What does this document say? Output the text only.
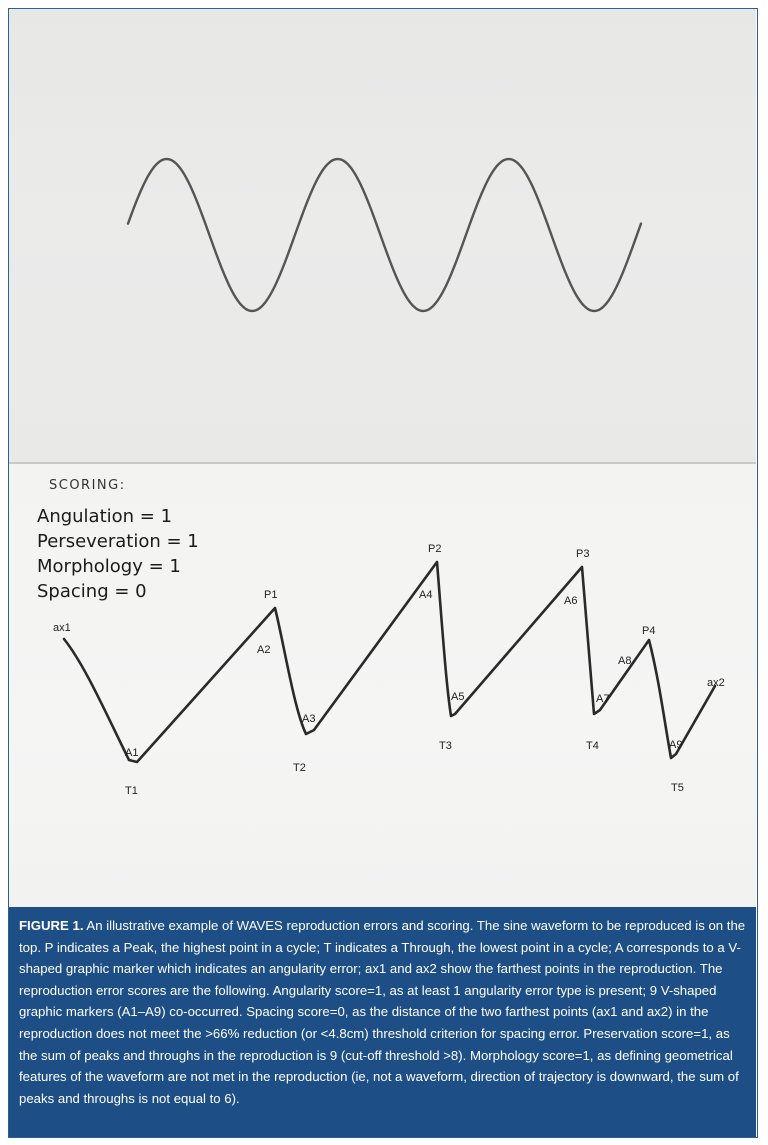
SCORING:

Angulation = 1
Perseveration = 1
Morphology = 1
Spacing = 0
ax1
ax2
P1
P2	P3
P4
T1
T2
T3	T4
T5
A1
A2
A3
A4
A5
A6
A7
A8
A9

FIGURE 1. An illustrative example of WAVES reproduction errors and scoring. The sine waveform to be reproduced is on the top. P indicates a Peak, the highest point in a cycle; T indicates a Through, the lowest point in a cycle; A corresponds to a V-shaped graphic marker which indicates an angularity error; ax1 and ax2 show the farthest points in the reproduction. The reproduction error scores are the following. Angularity score=1, as at least 1 angularity error type is present; 9 V-shaped graphic markers (A1–A9) co-occurred. Spacing score=0, as the distance of the two farthest points (ax1 and ax2) in the reproduction does not meet the >66% reduction (or <4.8cm) threshold criterion for spacing error. Preservation score=1, as the sum of peaks and throughs in the reproduction is 9 (cut-off threshold >8). Morphology score=1, as defining geometrical features of the waveform are not met in the reproduction (ie, not a waveform, direction of trajectory is downward, the sum of peaks and throughs is not equal to 6).
